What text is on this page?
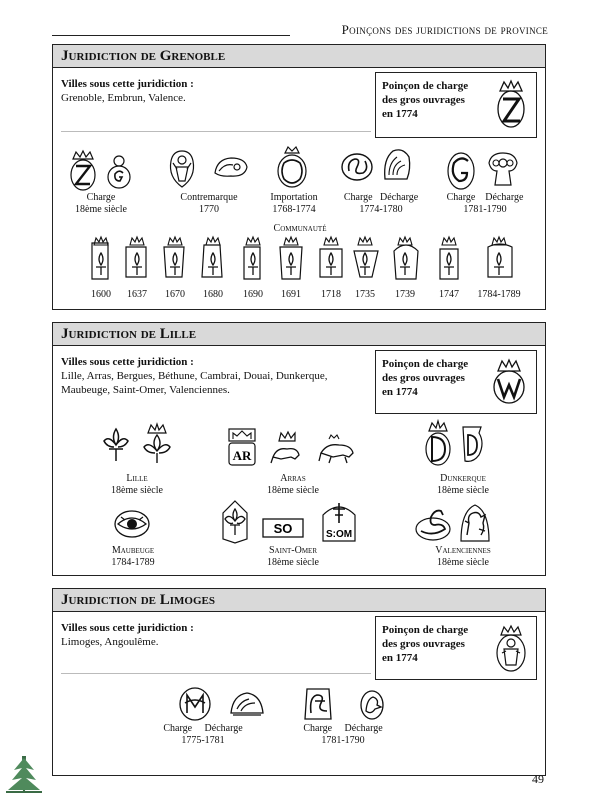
Poinçons des juridictions de province
Juridiction de Grenoble
Villes sous cette juridiction :
Grenoble, Embrun, Valence.
Poinçon de charge
des gros ouvrages
en 1774
Charge
18ème siècle
Contremarque
1770
Importation
1768-1774
Charge Décharge
1774-1780
Charge Décharge
1781-1790
Communauté
1600 1637 1670 1680 1690 1691 1718 1735 1739 1747 1784-1789
Juridiction de Lille
Villes sous cette juridiction :
Lille, Arras, Bergues, Béthune, Cambrai, Douai, Dunkerque,
Maubeuge, Saint-Omer, Valenciennes.
Poinçon de charge
des gros ouvrages
en 1774
AR
SO	S:OM
Lille
18ème siècle
Arras
18ème siècle
Dunkerque
18ème siècle
Maubeuge
1784-1789
Saint-Omer
18ème siècle
Valenciennes
18ème siècle
Juridiction de Limoges
Villes sous cette juridiction :
Limoges, Angoulême.
Poinçon de charge
des gros ouvrages
en 1774
Charge Décharge
1775-1781
Charge Décharge
1781-1790
49
